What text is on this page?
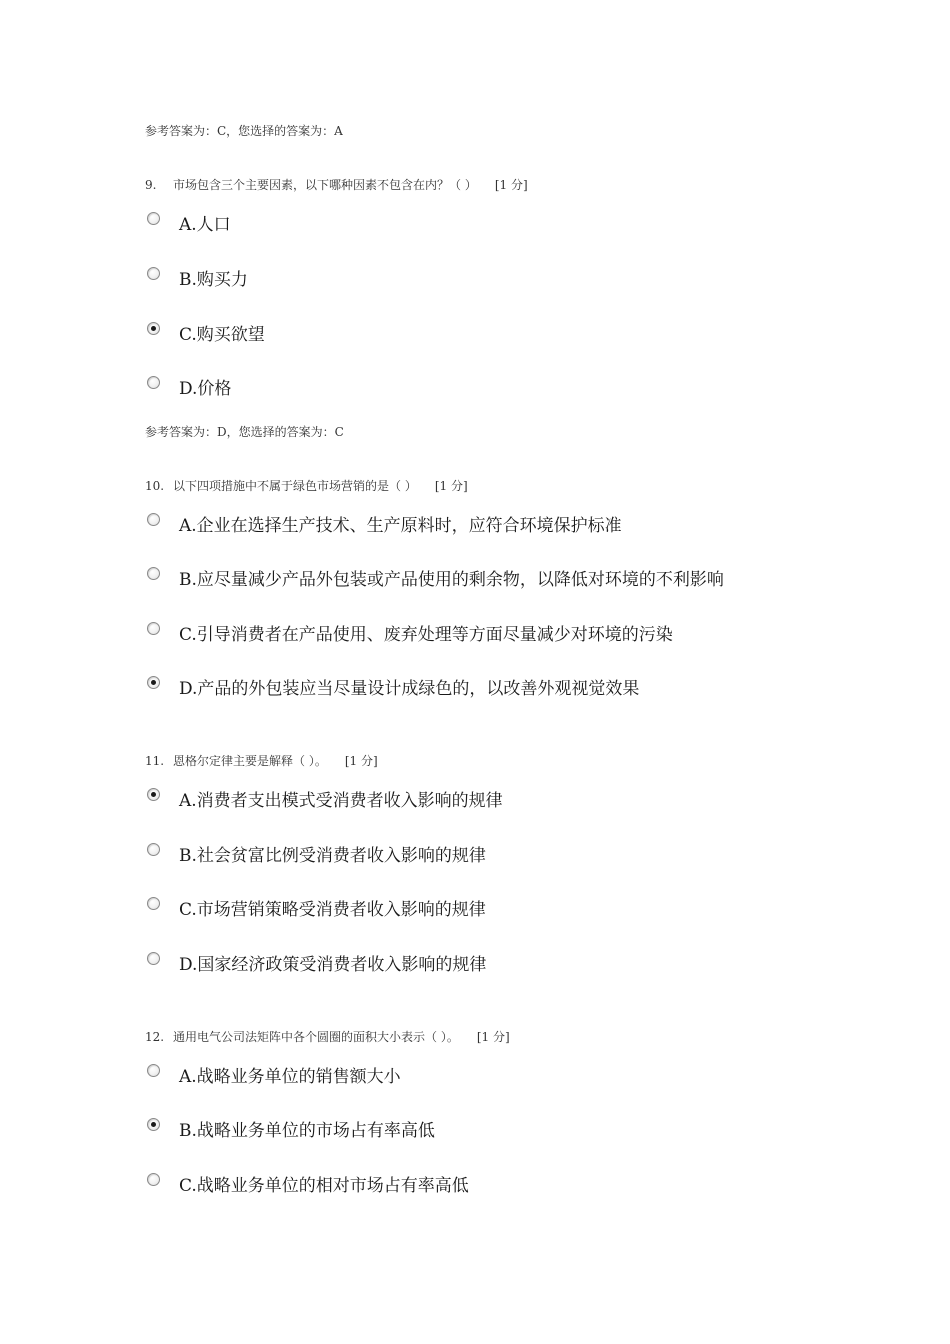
参考答案为：C，您选择的答案为：A
9. 市场包含三个主要因素，以下哪种因素不包含在内？（ ） [1 分]
A.人口
B.购买力
C.购买欲望
D.价格
参考答案为：D，您选择的答案为：C
10. 以下四项措施中不属于绿色市场营销的是（ ） [1 分]
A.企业在选择生产技术、生产原料时，应符合环境保护标准
B.应尽量减少产品外包装或产品使用的剩余物，以降低对环境的不利影响
C.引导消费者在产品使用、废弃处理等方面尽量减少对环境的污染
D.产品的外包装应当尽量设计成绿色的，以改善外观视觉效果
11. 恩格尔定律主要是解释（ ）。 [1 分]
A.消费者支出模式受消费者收入影响的规律
B.社会贫富比例受消费者收入影响的规律
C.市场营销策略受消费者收入影响的规律
D.国家经济政策受消费者收入影响的规律
12. 通用电气公司法矩阵中各个圆圈的面积大小表示（ ）。 [1 分]
A.战略业务单位的销售额大小
B.战略业务单位的市场占有率高低
C.战略业务单位的相对市场占有率高低
